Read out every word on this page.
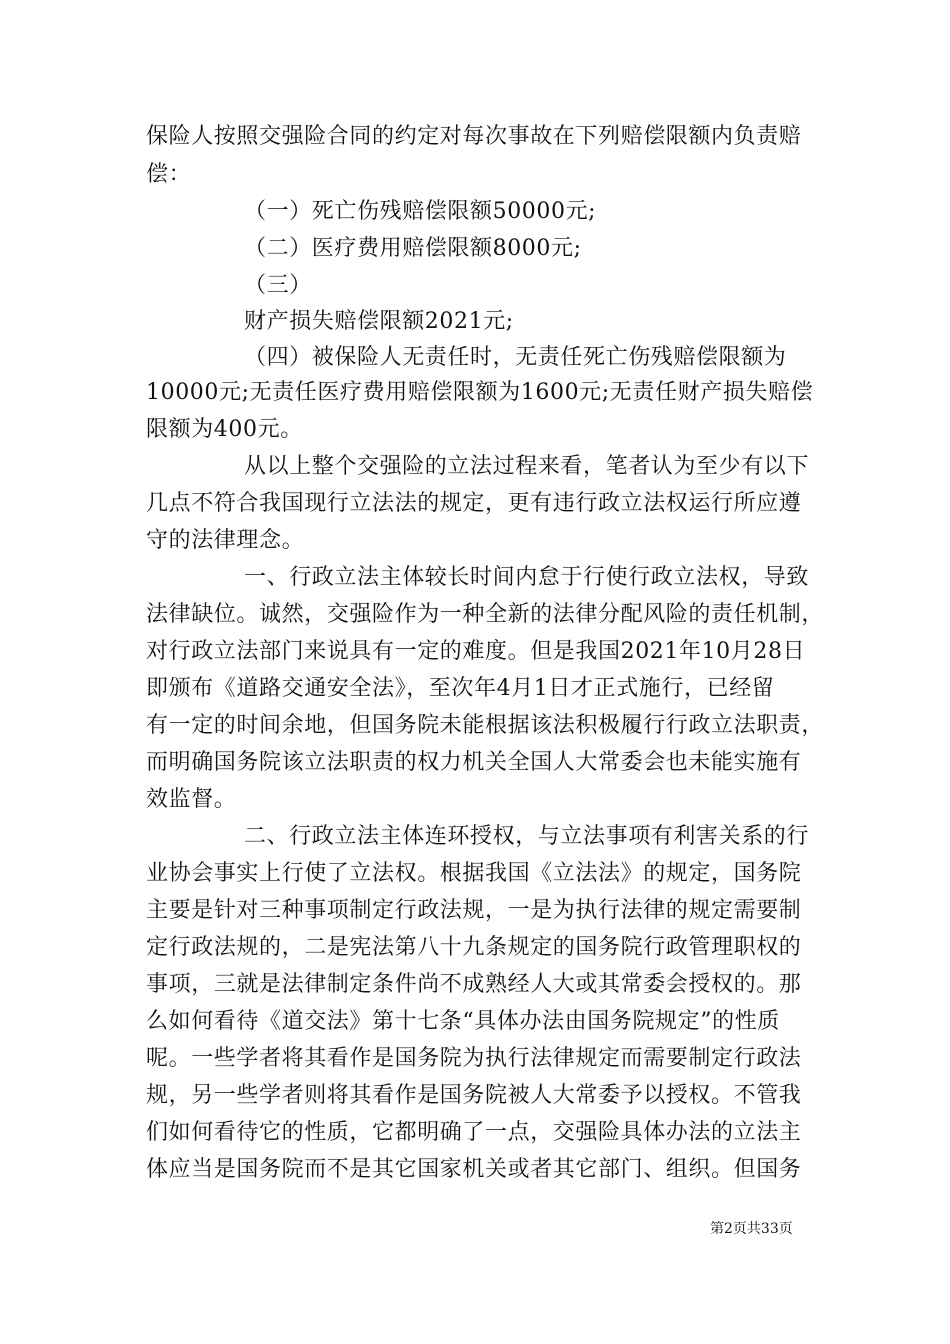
保险人按照交强险合同的约定对每次事故在下列赔偿限额内负责赔
偿：
（一）死亡伤残赔偿限额50000元;
（二）医疗费用赔偿限额8000元;
（三）
财产损失赔偿限额2021元;
（四）被保险人无责任时，无责任死亡伤残赔偿限额为
10000元;无责任医疗费用赔偿限额为1600元;无责任财产损失赔偿
限额为400元。
从以上整个交强险的立法过程来看，笔者认为至少有以下
几点不符合我国现行立法法的规定，更有违行政立法权运行所应遵
守的法律理念。
一、行政立法主体较长时间内怠于行使行政立法权，导致
法律缺位。诚然，交强险作为一种全新的法律分配风险的责任机制，
对行政立法部门来说具有一定的难度。但是我国2021年10月28日
即颁布《道路交通安全法》，至次年4月1日才正式施行，已经留
有一定的时间余地，但国务院未能根据该法积极履行行政立法职责，
而明确国务院该立法职责的权力机关全国人大常委会也未能实施有
效监督。
二、行政立法主体连环授权，与立法事项有利害关系的行
业协会事实上行使了立法权。根据我国《立法法》的规定，国务院
主要是针对三种事项制定行政法规，一是为执行法律的规定需要制
定行政法规的，二是宪法第八十九条规定的国务院行政管理职权的
事项，三就是法律制定条件尚不成熟经人大或其常委会授权的。那
么如何看待《道交法》第十七条“具体办法由国务院规定”的性质
呢。一些学者将其看作是国务院为执行法律规定而需要制定行政法
规，另一些学者则将其看作是国务院被人大常委予以授权。不管我
们如何看待它的性质，它都明确了一点，交强险具体办法的立法主
体应当是国务院而不是其它国家机关或者其它部门、组织。但国务
第2页共33页
